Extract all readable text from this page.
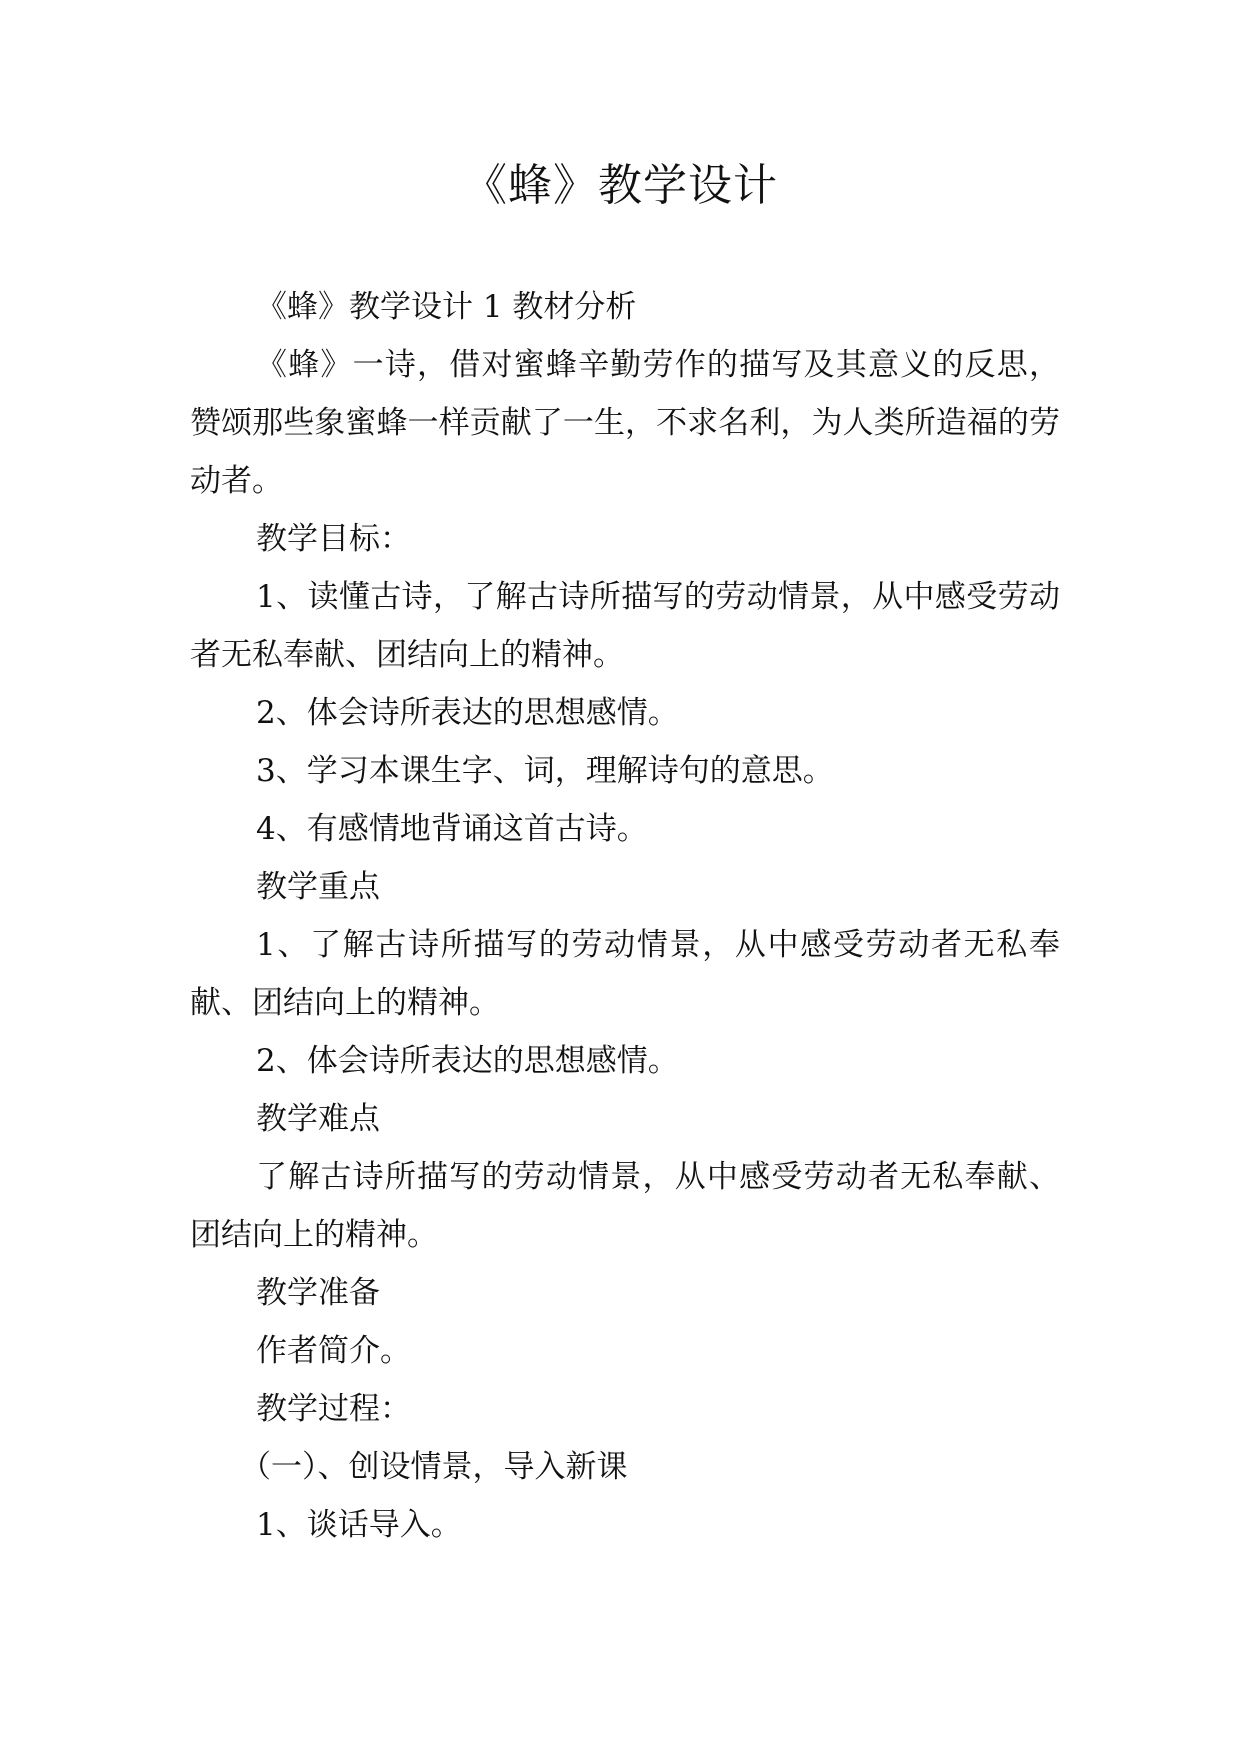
《蜂》教学设计

《蜂》教学设计 1 教材分析

《蜂》一诗，借对蜜蜂辛勤劳作的描写及其意义的反思，赞颂那些象蜜蜂一样贡献了一生，不求名利，为人类所造福的劳动者。

教学目标：

1、读懂古诗，了解古诗所描写的劳动情景，从中感受劳动者无私奉献、团结向上的精神。

2、体会诗所表达的思想感情。

3、学习本课生字、词，理解诗句的意思。

4、有感情地背诵这首古诗。

教学重点

1、了解古诗所描写的劳动情景，从中感受劳动者无私奉献、团结向上的精神。

2、体会诗所表达的思想感情。

教学难点

了解古诗所描写的劳动情景，从中感受劳动者无私奉献、团结向上的精神。

教学准备

作者简介。

教学过程：

（一）、创设情景，导入新课

1、谈话导入。
